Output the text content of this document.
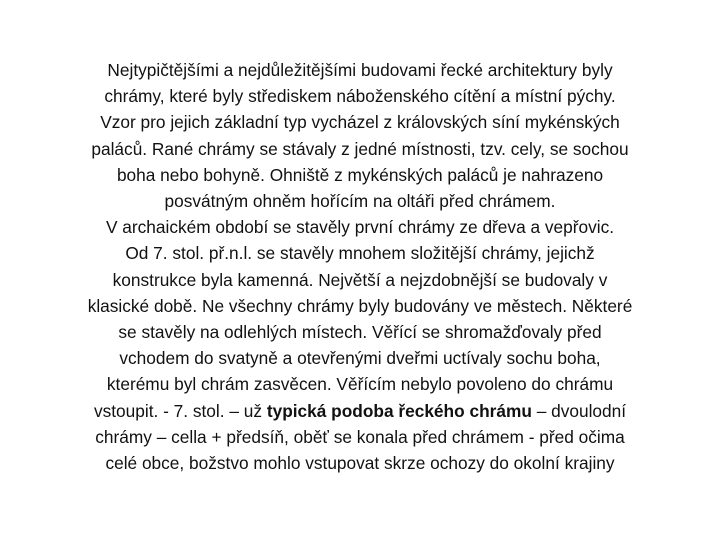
Nejtypičtějšími a nejdůležitějšími budovami řecké architektury byly
chrámy, které byly střediskem náboženského cítění a místní pýchy.
Vzor pro jejich základní typ vycházel z královských síní mykénských
paláců. Rané chrámy se stávaly z jedné místnosti, tzv. cely, se sochou
boha nebo bohyně. Ohniště z mykénských paláců je nahrazeno
posvátným ohněm hořícím na oltáři před chrámem.
V archaickém období se stavěly první chrámy ze dřeva a vepřovic.
Od 7. stol. př.n.l. se stavěly mnohem složitější chrámy, jejichž
konstrukce byla kamenná. Největší a nejzdobnější se budovaly v
klasické době. Ne všechny chrámy byly budovány ve městech. Některé
se stavěly na odlehlých místech. Věřící se shromažďovaly před
vchodem do svatyně a otevřenými dveřmi uctívaly sochu boha,
kterému byl chrám zasvěcen. Věřícím nebylo povoleno do chrámu
vstoupit. - 7. stol. – už typická podoba řeckého chrámu – dvoulodní
chrámy – cella + předsíň, oběť se konala před chrámem - před očima
celé obce, božstvo mohlo vstupovat skrze ochozy do okolní krajiny
